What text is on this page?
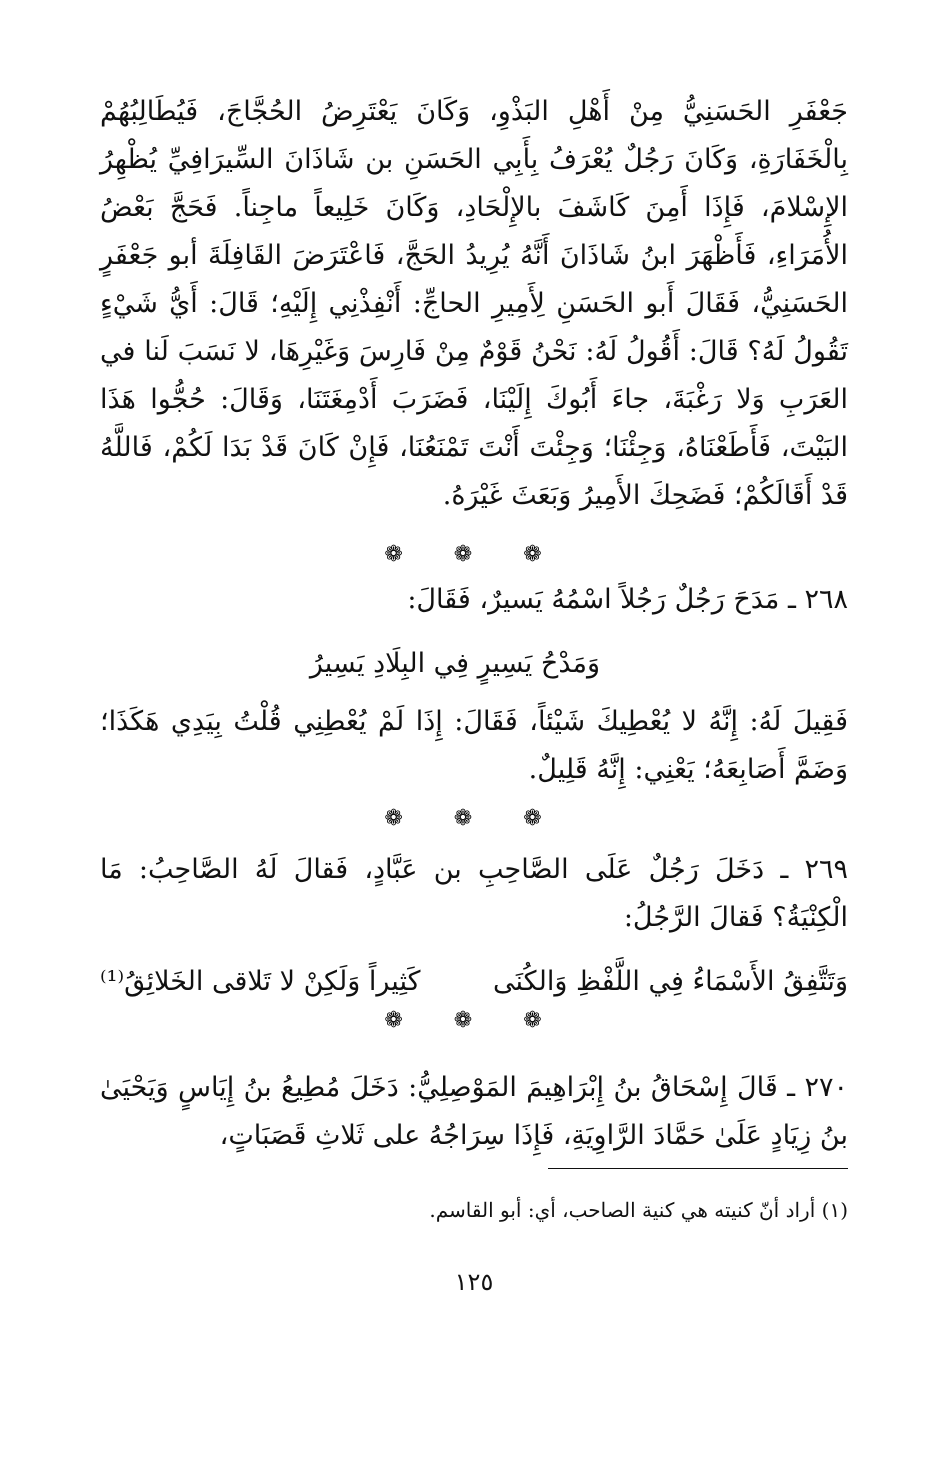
جَعْفَرِ الحَسَنِيُّ مِنْ أَهْلِ البَذْوِ، وَكَانَ يَعْتَرِضُ الحُجَّاجَ، فَيُطَالِبُهُمْ بِالْخَفَارَةِ، وَكَانَ رَجُلٌ يُعْرَفُ بِأَبِي الحَسَنِ بن شَاذَانَ السِّيرَافِيِّ يُظْهِرُ الإِسْلامَ، فَإِذَا أَمِنَ كَاشَفَ بالإِلْحَادِ، وَكَانَ خَلِيعاً ماجِناً. فَحَجَّ بَعْضُ الأُمَرَاءِ، فَأَظْهَرَ ابنُ شَاذَانَ أَنَّهُ يُرِيدُ الحَجَّ، فَاعْتَرَضَ القَافِلَةَ أبو جَعْفَرٍ الحَسَنِيُّ، فَقَالَ أَبو الحَسَنِ لِأَمِيرِ الحاجِّ: أَنْفِذْنِي إِلَيْهِ؛ قَالَ: أَيُّ شَيْءٍ تَقُولُ لَهُ؟ قَالَ: أَقُولُ لَهُ: نَحْنُ قَوْمٌ مِنْ فَارِسَ وَغَيْرِهَا، لا نَسَبَ لَنا في العَرَبِ وَلا رَغْبَةَ، جاءَ أَبُوكَ إِلَيْنَا، فَضَرَبَ أَدْمِغَتَنَا، وَقَالَ: حُجُّوا هَذَا البَيْتَ، فَأَطَعْنَاهُ، وَجِئْنَا؛ وَجِئْتَ أَنْتَ تَمْنَعُنَا، فَإِنْ كَانَ قَدْ بَدَا لَكُمْ، فَاللَّهُ قَدْ أَقَالَكُمْ؛ فَضَحِكَ الأَمِيرُ وَبَعَثَ غَيْرَهُ.

❁ ❁ ❁

٢٦٨ ـ مَدَحَ رَجُلٌ رَجُلاً اسْمُهُ يَسيرٌ، فَقَالَ:

وَمَدْحُ يَسِيرٍ فِي البِلَادِ يَسِيرُ

فَقِيلَ لَهُ: إِنَّهُ لا يُعْطِيكَ شَيْئاً، فَقَالَ: إِذَا لَمْ يُعْطِنِي قُلْتُ بِيَدِي هَكَذَا؛ وَضَمَّ أَصَابِعَهُ؛ يَعْنِي: إِنَّهُ قَلِيلٌ.

❁ ❁ ❁

٢٦٩ ـ دَخَلَ رَجُلٌ عَلَى الصَّاحِبِ بن عَبَّادٍ، فَقالَ لَهُ الصَّاحِبُ: مَا الْكِنْيَةُ؟ فَقالَ الرَّجُلُ:

وَتَتَّفِقُ الأَسْمَاءُ فِي اللَّفْظِ وَالكُنَى
كَثِيراً وَلَكِنْ لا تَلاقى الخَلائِقُ⁽¹⁾
❁ ❁ ❁

٢٧٠ ـ قَالَ إِسْحَاقُ بنُ إِبْرَاهِيمَ المَوْصِلِيُّ: دَخَلَ مُطِيعُ بنُ إِيَاسٍ وَيَحْيَىٰ بنُ زِيَادٍ عَلَىٰ حَمَّادَ الرَّاوِيَةِ، فَإِذَا سِرَاجُهُ على ثَلاثِ قَصَبَاتٍ،

(١) أراد أنّ كنيته هي كنية الصاحب، أي: أبو القاسم.

١٢٥
